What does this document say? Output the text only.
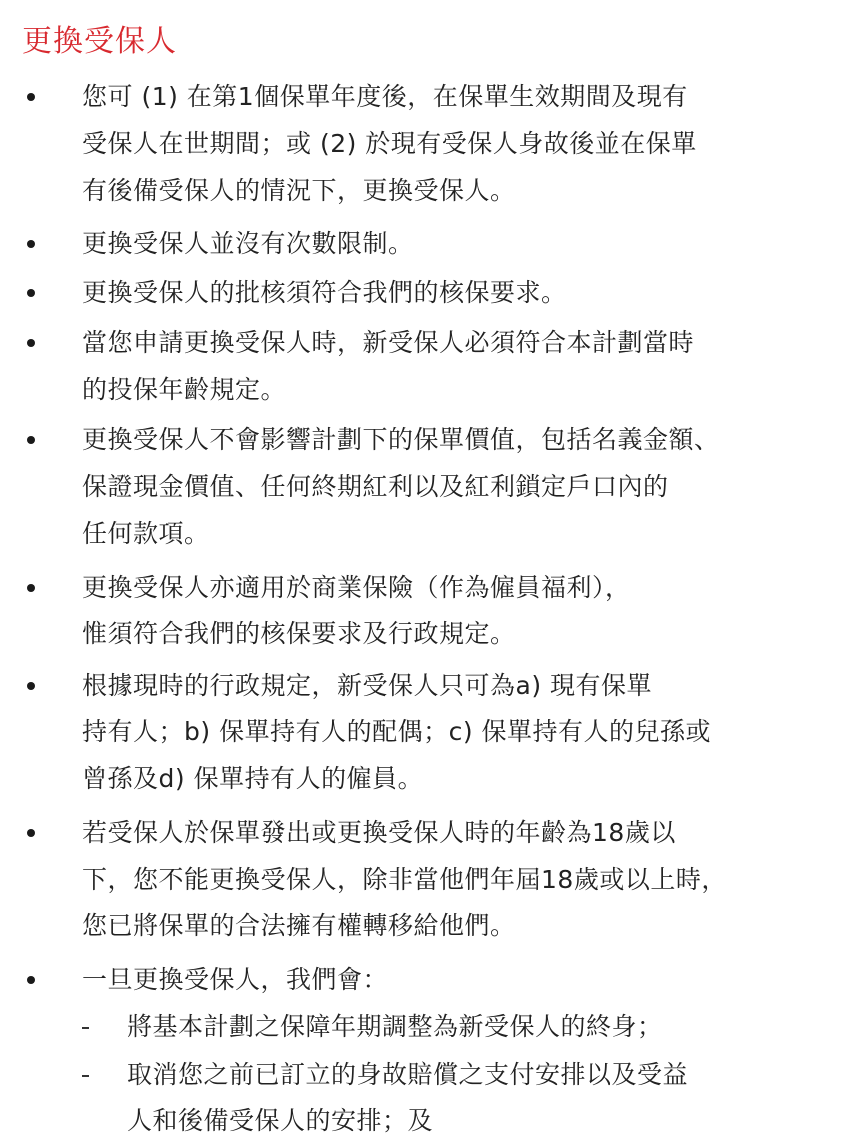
更換受保人
您可 (1) 在第1個保單年度後，在保單生效期間及現有
受保人在世期間；或 (2) 於現有受保人身故後並在保單
有後備受保人的情況下，更換受保人。
更換受保人並沒有次數限制。
更換受保人的批核須符合我們的核保要求。
當您申請更換受保人時，新受保人必須符合本計劃當時
的投保年齡規定。
更換受保人不會影響計劃下的保單價值，包括名義金額、
保證現金價值、任何終期紅利以及紅利鎖定戶口內的
任何款項。
更換受保人亦適用於商業保險（作為僱員福利），
惟須符合我們的核保要求及行政規定。
根據現時的行政規定，新受保人只可為a) 現有保單
持有人；b) 保單持有人的配偶；c) 保單持有人的兒孫或
曾孫及d) 保單持有人的僱員。
若受保人於保單發出或更換受保人時的年齡為18歲以
下，您不能更換受保人，除非當他們年屆18歲或以上時，
您已將保單的合法擁有權轉移給他們。
一旦更換受保人，我們會：
將基本計劃之保障年期調整為新受保人的終身；
取消您之前已訂立的身故賠償之支付安排以及受益
人和後備受保人的安排；及
